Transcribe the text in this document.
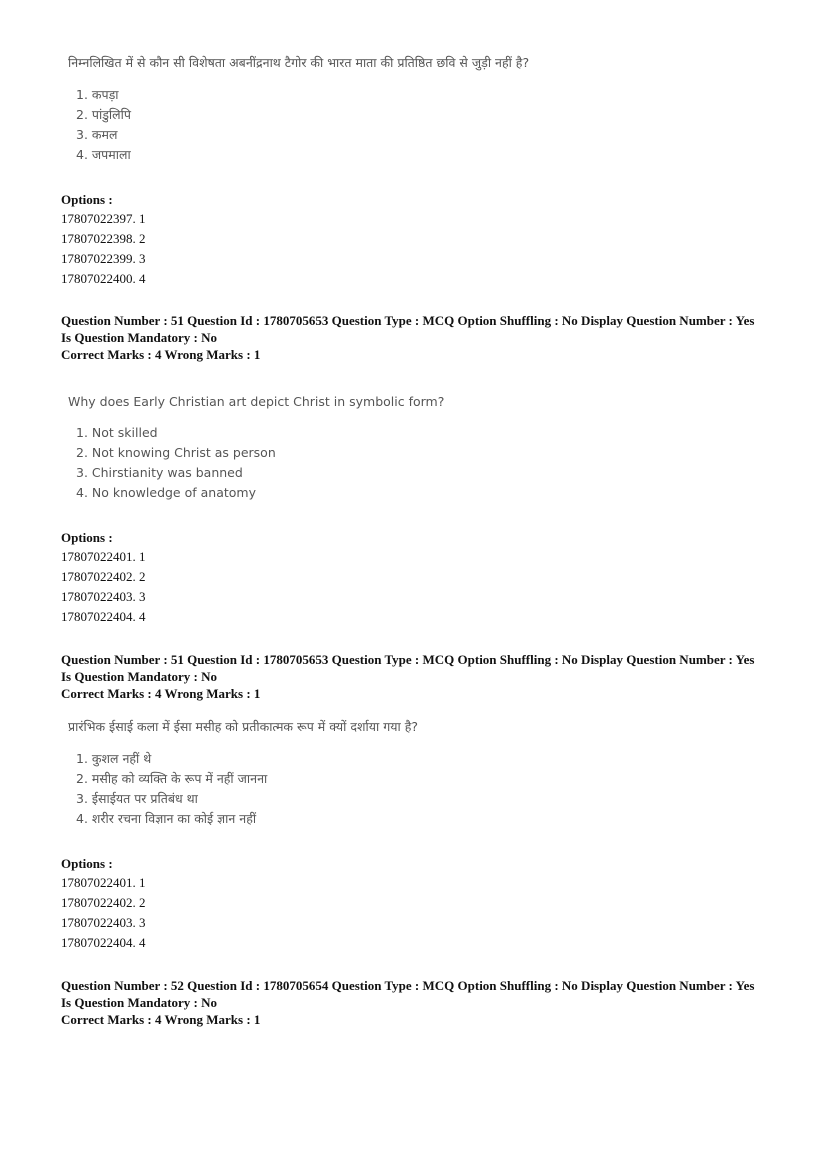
निम्नलिखित में से कौन सी विशेषता अबनींद्रनाथ टैगोर की भारत माता की प्रतिष्ठित छवि से जुड़ी नहीं है?

1. कपड़ा
2. पांडुलिपि
3. कमल
4. जपमाला
Options :
17807022397. 1
17807022398. 2
17807022399. 3
17807022400. 4
Question Number : 51 Question Id : 1780705653 Question Type : MCQ Option Shuffling : No Display Question Number : Yes
Is Question Mandatory : No
Correct Marks : 4 Wrong Marks : 1

Why does Early Christian art depict Christ in symbolic form?

1. Not skilled
2. Not knowing Christ as person
3. Chirstianity was banned
4. No knowledge of anatomy
Options :
17807022401. 1
17807022402. 2
17807022403. 3
17807022404. 4
Question Number : 51 Question Id : 1780705653 Question Type : MCQ Option Shuffling : No Display Question Number : Yes
Is Question Mandatory : No
Correct Marks : 4 Wrong Marks : 1

प्रारंभिक ईसाई कला में ईसा मसीह को प्रतीकात्मक रूप में क्यों दर्शाया गया है?

1. कुशल नहीं थे
2. मसीह को व्यक्ति के रूप में नहीं जानना
3. ईसाईयत पर प्रतिबंध था
4. शरीर रचना विज्ञान का कोई ज्ञान नहीं
Options :
17807022401. 1
17807022402. 2
17807022403. 3
17807022404. 4
Question Number : 52 Question Id : 1780705654 Question Type : MCQ Option Shuffling : No Display Question Number : Yes
Is Question Mandatory : No
Correct Marks : 4 Wrong Marks : 1
